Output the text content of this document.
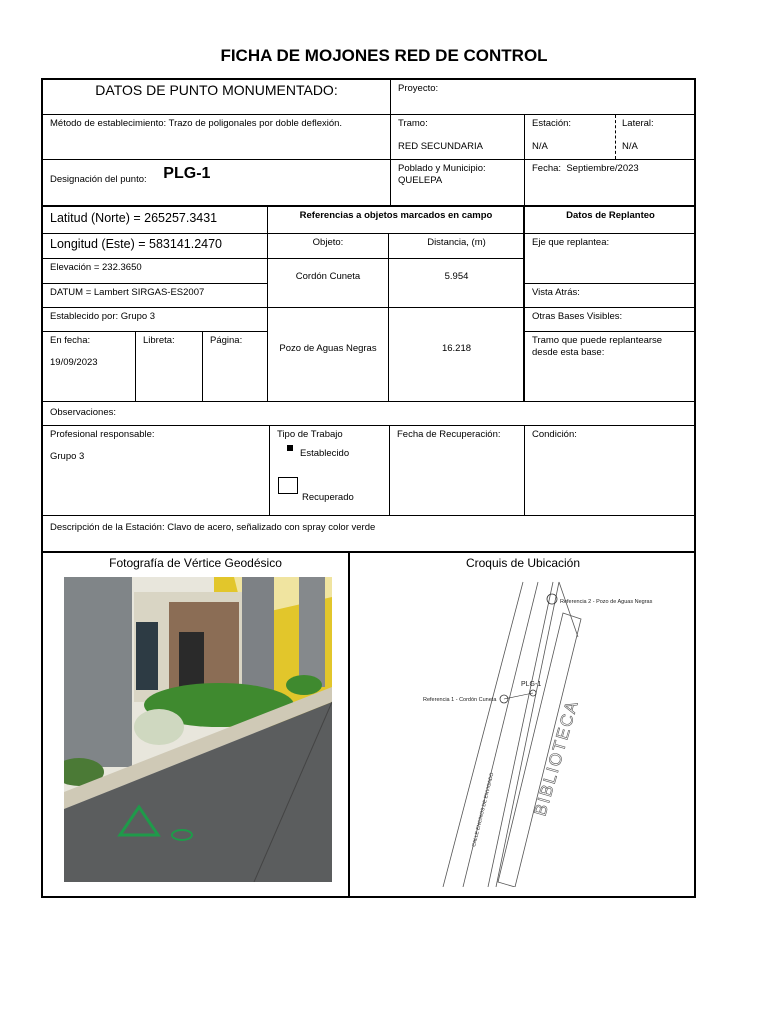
FICHA DE MOJONES RED DE CONTROL
DATOS DE PUNTO MONUMENTADO:	Proyecto:
Método de establecimiento: Trazo de poligonales por doble deflexión.	Tramo:
RED SECUNDARIA
Estación:
N/A
Lateral:
N/A
Designación del punto: PLG-1	Poblado y Municipio:
QUELEPA
Fecha: Septiembre/2023
Latitud (Norte) = 265257.3431
Longitud (Este) = 583141.2470
Elevación = 232.3650
DATUM = Lambert SIRGAS-ES2007
Establecido por: Grupo 3
En fecha:
19/09/2023
Libreta:	Página:
Referencias a objetos marcados en campo
Objeto:	Distancia, (m)
Cordón Cuneta	5.954
Pozo de Aguas Negras	16.218
Datos de Replanteo
Eje que replantea:
Vista Atrás:
Otras Bases Visibles:
Tramo que puede replantearse desde esta base:
Observaciones:
Profesional responsable:
Grupo 3
Tipo de Trabajo
Establecido
Recuperado
Fecha de Recuperación:	Condición:
Descripción de la Estación: Clavo de acero, señalizado con spray color verde
Fotografía de Vértice Geodésico	Croquis de Ubicación
Referencia 2 - Pozo de Aguas Negras
Referencia 1 - Cordón Cuneta
PLG-1
CALLE ENCINOS DE ENVIGADO BIBLIOTECA
